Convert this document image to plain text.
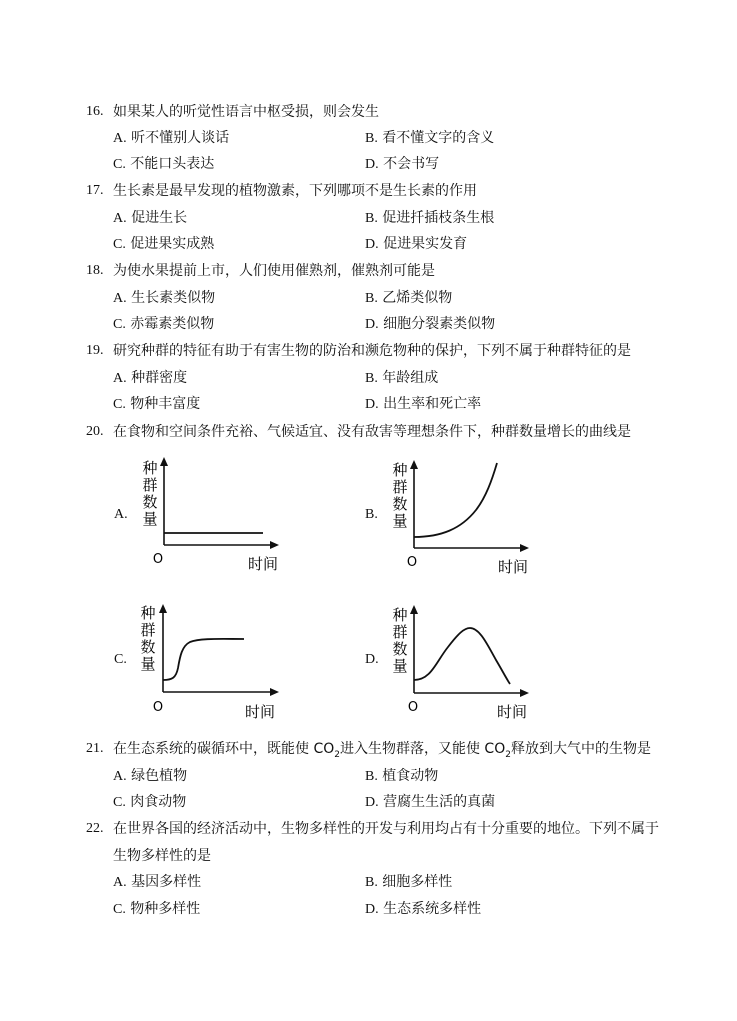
16. 如果某人的听觉性语言中枢受损，则会发生
A. 听不懂别人谈话	B. 看不懂文字的含义
C. 不能口头表达	D. 不会书写
17. 生长素是最早发现的植物激素，下列哪项不是生长素的作用
A. 促进生长	B. 促进扦插枝条生根
C. 促进果实成熟	D. 促进果实发育
18. 为使水果提前上市，人们使用催熟剂，催熟剂可能是
A. 生长素类似物	B. 乙烯类似物
C. 赤霉素类似物	D. 细胞分裂素类似物
19. 研究种群的特征有助于有害生物的防治和濒危物种的保护，下列不属于种群特征的是
A. 种群密度	B. 年龄组成
C. 物种丰富度	D. 出生率和死亡率
20. 在食物和空间条件充裕、气候适宜、没有敌害等理想条件下，种群数量增长的曲线是
A.	B.
C.	D.
种
群
数
量
O	时间
种
群
数
量
O	时间
种
群
数
量
O	时间
种
群
数
量
O	时间
21. 在生态系统的碳循环中，既能使 $CO_2$进入生物群落，又能使 $CO_2$释放到大气中的生物是
A. 绿色植物	B. 植食动物
C. 肉食动物	D. 营腐生生活的真菌
22. 在世界各国的经济活动中，生物多样性的开发与利用均占有十分重要的地位。下列不属于
生物多样性的是
A. 基因多样性	B. 细胞多样性
C. 物种多样性	D. 生态系统多样性
